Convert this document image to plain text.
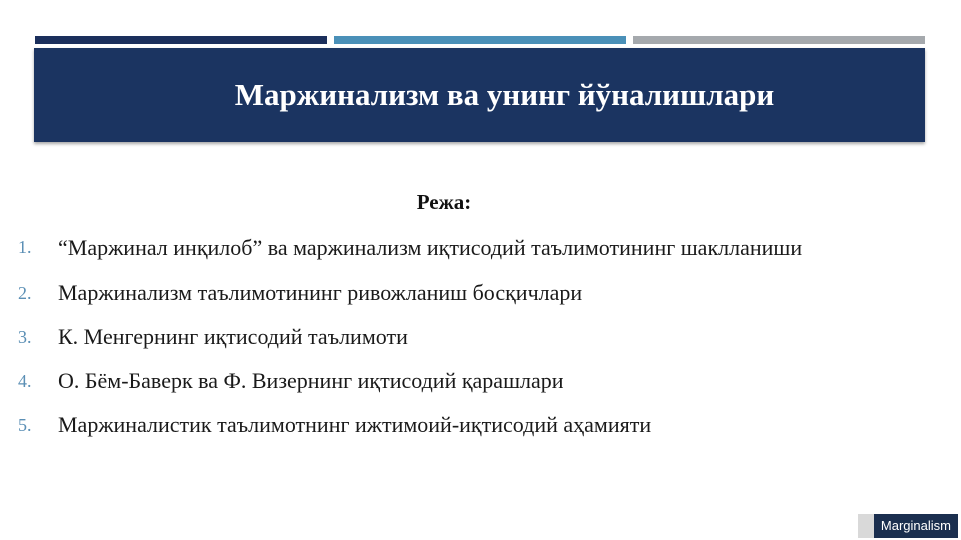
Маржинализм ва унинг йўналишлари
Режа:
1.	“Маржинал инқилоб” ва маржинализм иқтисодий таълимотининг шаклланиши
2.	Маржинализм таълимотининг ривожланиш босқичлари
3.	К. Менгернинг иқтисодий таълимоти
4.	О. Бём-Баверк ва Ф. Визернинг иқтисодий қарашлари
5.	Маржиналистик таълимотнинг ижтимоий-иқтисодий аҳамияти
Marginalism
